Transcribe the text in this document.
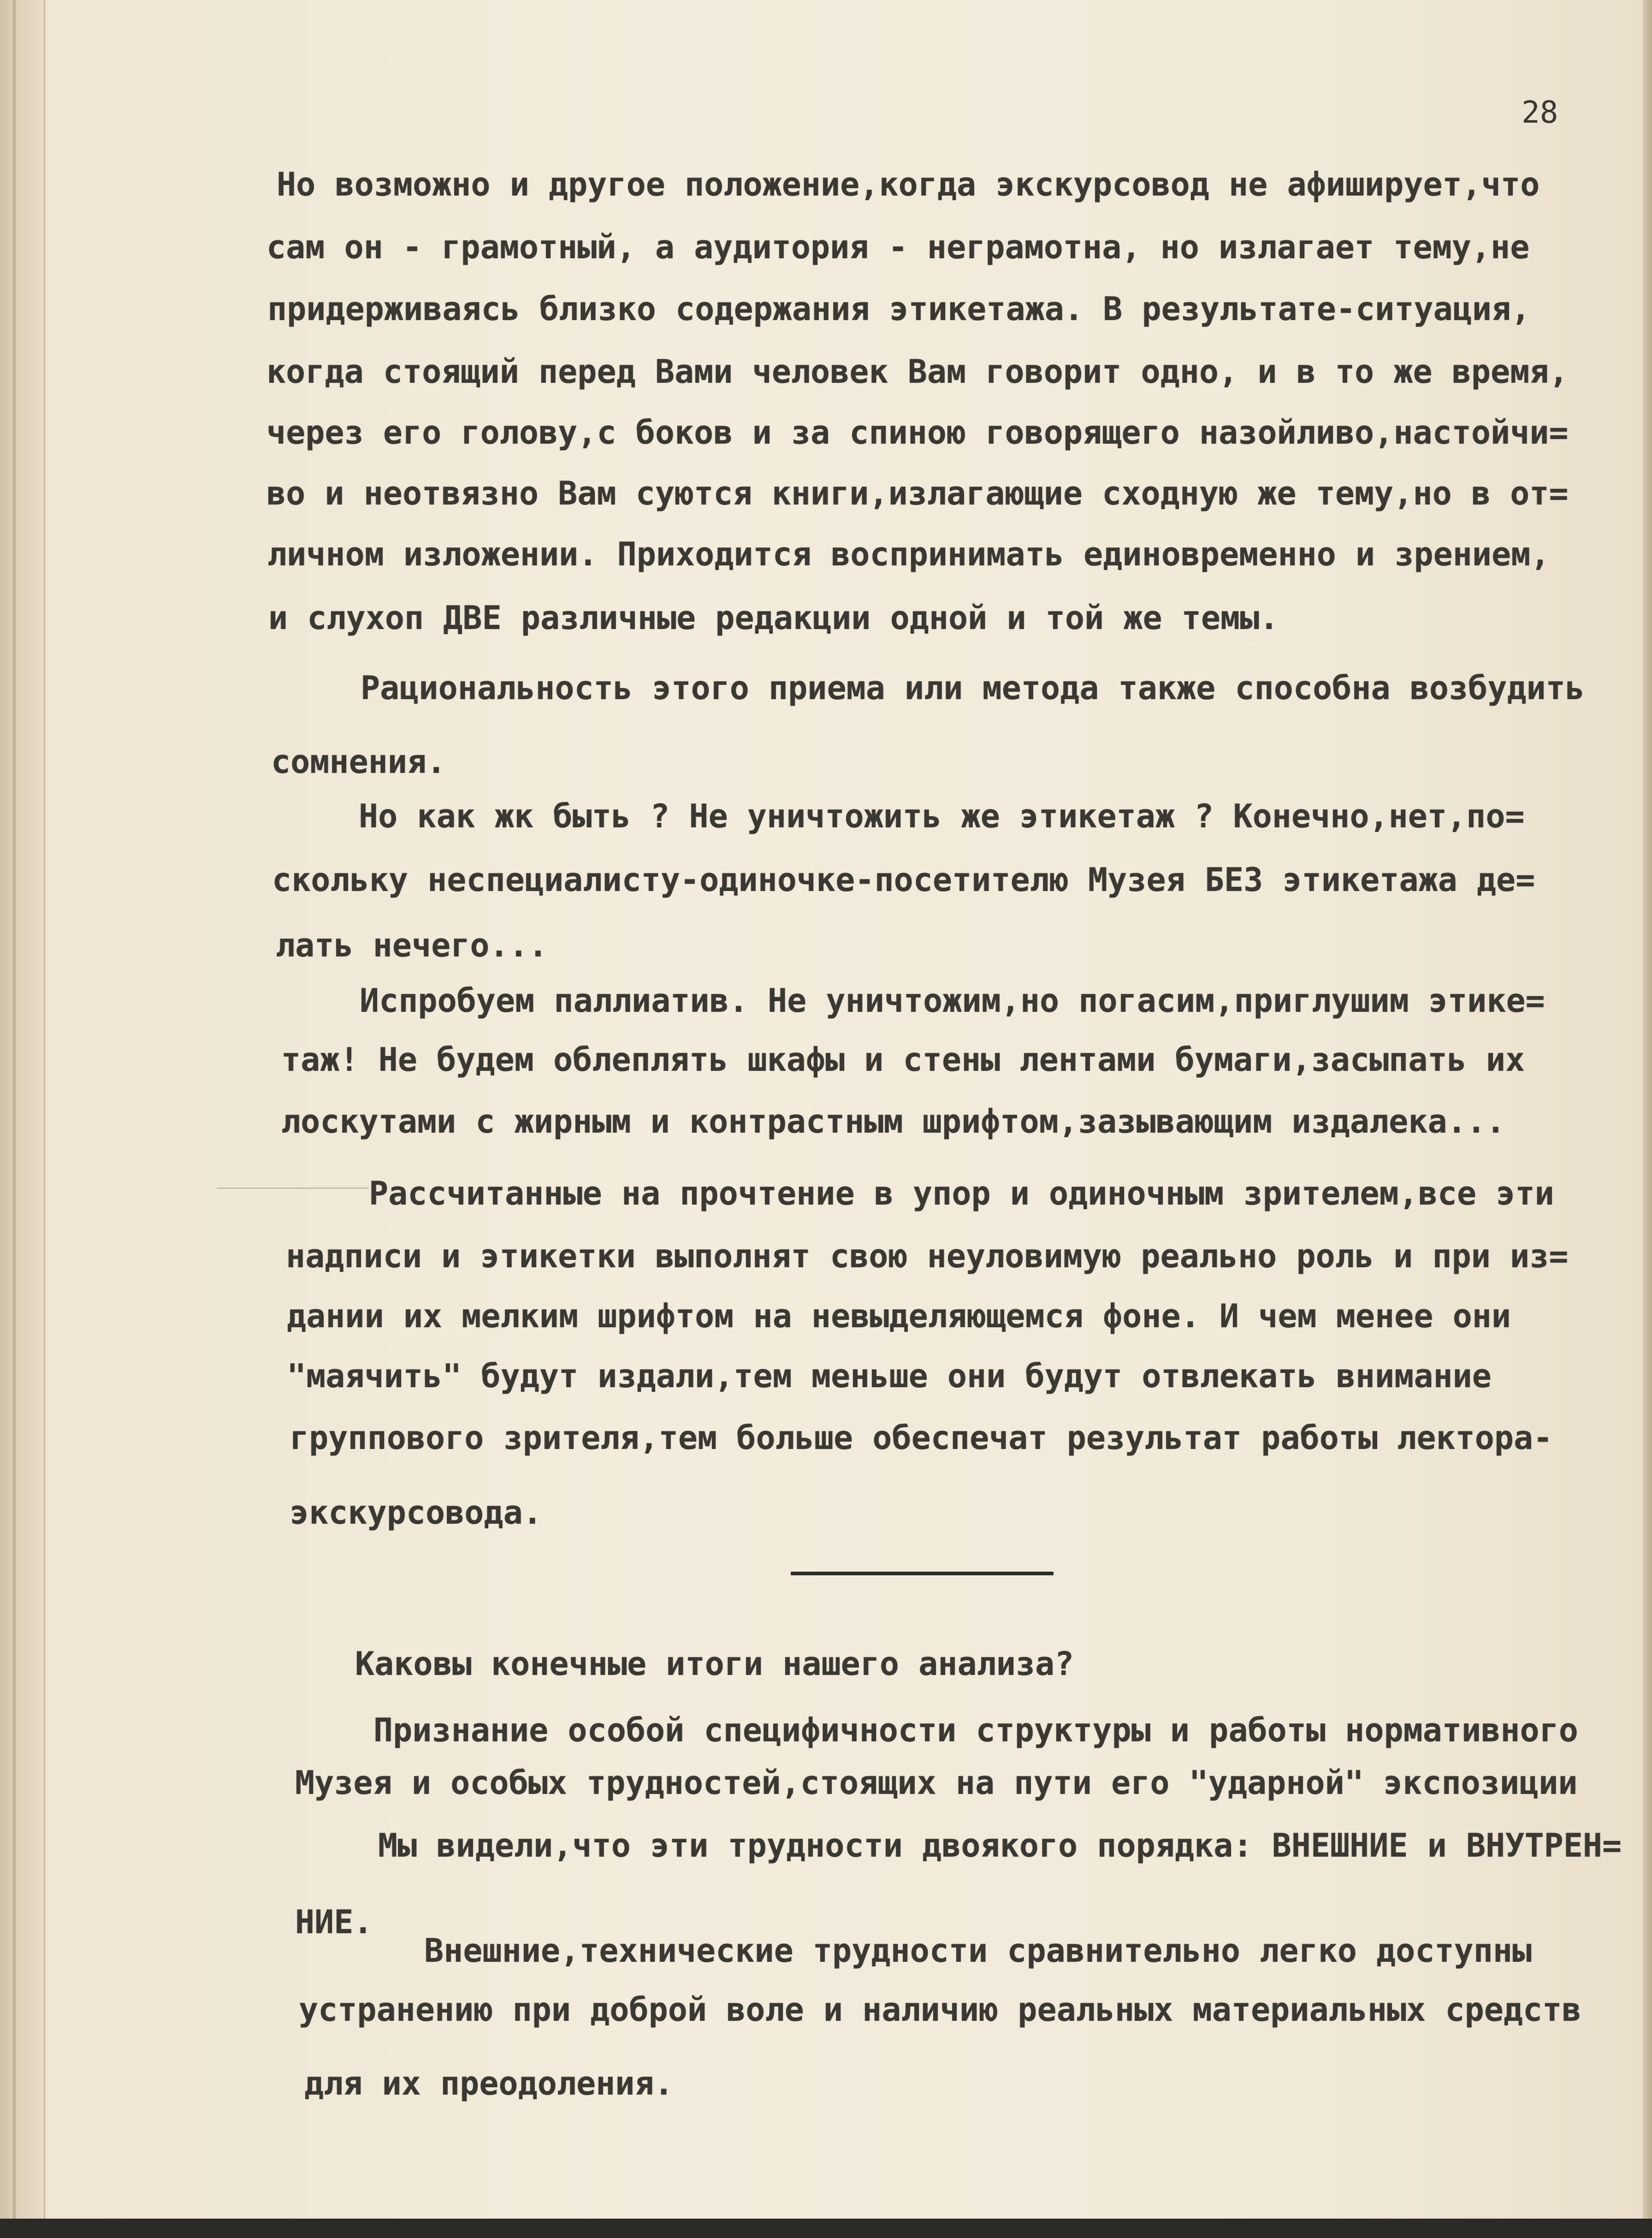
28
Но возможно и другое положение,когда экскурсовод не афиширует,что
сам он - грамотный, а аудитория - неграмотна, но излагает тему,не
придерживаясь близко содержания этикетажа. В результате-ситуация,
когда стоящий перед Вами человек Вам говорит одно, и в то же время,
через его голову,с боков и за спиною говорящего назойливо,настойчи=
во и неотвязно Вам суются книги,излагающие сходную же тему,но в от=
личном изложении. Приходится воспринимать единовременно и зрением,
и слухоп ДВЕ различные редакции одной и той же темы.
Рациональность этого приема или метода также способна возбудить
сомнения.
Но как жк быть ? Не уничтожить же этикетаж ? Конечно,нет,по=
скольку неспециалисту-одиночке-посетителю Музея БЕЗ этикетажа де=
лать нечего...
Испробуем паллиатив. Не уничтожим,но погасим,приглушим этике=
таж! Не будем облеплять шкафы и стены лентами бумаги,засыпать их
лоскутами с жирным и контрастным шрифтом,зазывающим издалека...
Рассчитанные на прочтение в упор и одиночным зрителем,все эти
надписи и этикетки выполнят свою неуловимую реально роль и при из=
дании их мелким шрифтом на невыделяющемся фоне. И чем менее они
"маячить" будут издали,тем меньше они будут отвлекать внимание
группового зрителя,тем больше обеспечат результат работы лектора-
экскурсовода.
Каковы конечные итоги нашего анализа?
Признание особой специфичности структуры и работы нормативного
Музея и особых трудностей,стоящих на пути его "ударной" экспозиции
Мы видели,что эти трудности двоякого порядка: ВНЕШНИЕ и ВНУТРЕН=
НИЕ.
Внешние,технические трудности сравнительно легко доступны
устранению при доброй воле и наличию реальных материальных средств
для их преодоления.
